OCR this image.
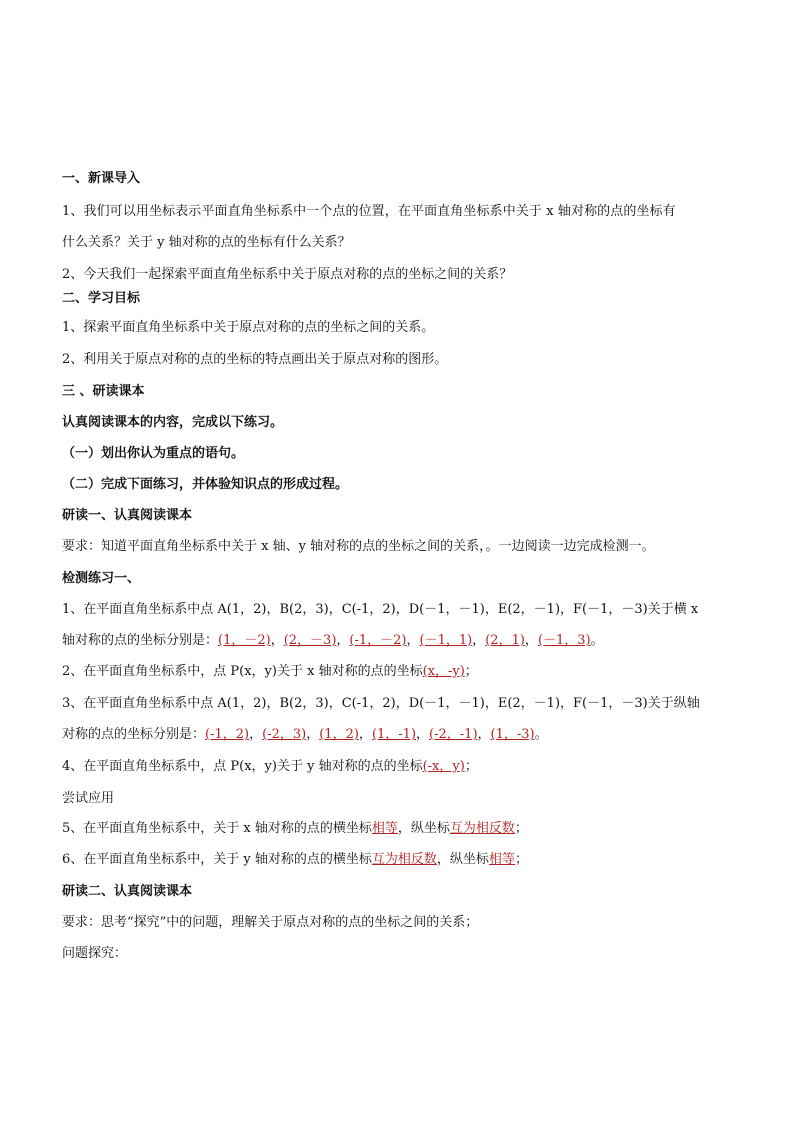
一、新课导入
1、我们可以用坐标表示平面直角坐标系中一个点的位置，在平面直角坐标系中关于 x 轴对称的点的坐标有
什么关系？关于 y 轴对称的点的坐标有什么关系？
2、今天我们一起探索平面直角坐标系中关于原点对称的点的坐标之间的关系？
二、学习目标
1、探索平面直角坐标系中关于原点对称的点的坐标之间的关系。
2、利用关于原点对称的点的坐标的特点画出关于原点对称的图形。
三 、研读课本
认真阅读课本的内容，完成以下练习。
（一）划出你认为重点的语句。
（二）完成下面练习，并体验知识点的形成过程。
研读一、认真阅读课本
要求：知道平面直角坐标系中关于 x 轴、y 轴对称的点的坐标之间的关系，。一边阅读一边完成检测一。
检测练习一、
1、在平面直角坐标系中点 A(1，2)，B(2，3)，C(-1，2)，D(－1，－1)，E(2，－1)，F(－1，－3)关于横 x
轴对称的点的坐标分别是：(1，－2)，(2，－3)，(-1，－2)，(－1，1)，(2，1)，(－1，3)。
2、在平面直角坐标系中，点 P(x，y)关于 x 轴对称的点的坐标(x，-y)；
3、在平面直角坐标系中点 A(1，2)，B(2，3)，C(-1，2)，D(－1，－1)，E(2，－1)，F(－1，－3)关于纵轴
对称的点的坐标分别是：(-1，2)，(-2，3)，(1，2)，(1，-1)，(-2，-1)，(1，-3)。
4、在平面直角坐标系中，点 P(x，y)关于 y 轴对称的点的坐标(-x，y)；
尝试应用
5、在平面直角坐标系中，关于 x 轴对称的点的横坐标相等，纵坐标互为相反数；
6、在平面直角坐标系中，关于 y 轴对称的点的横坐标互为相反数，纵坐标相等；
研读二、认真阅读课本
要求：思考“探究”中的问题，理解关于原点对称的点的坐标之间的关系；
问题探究：
